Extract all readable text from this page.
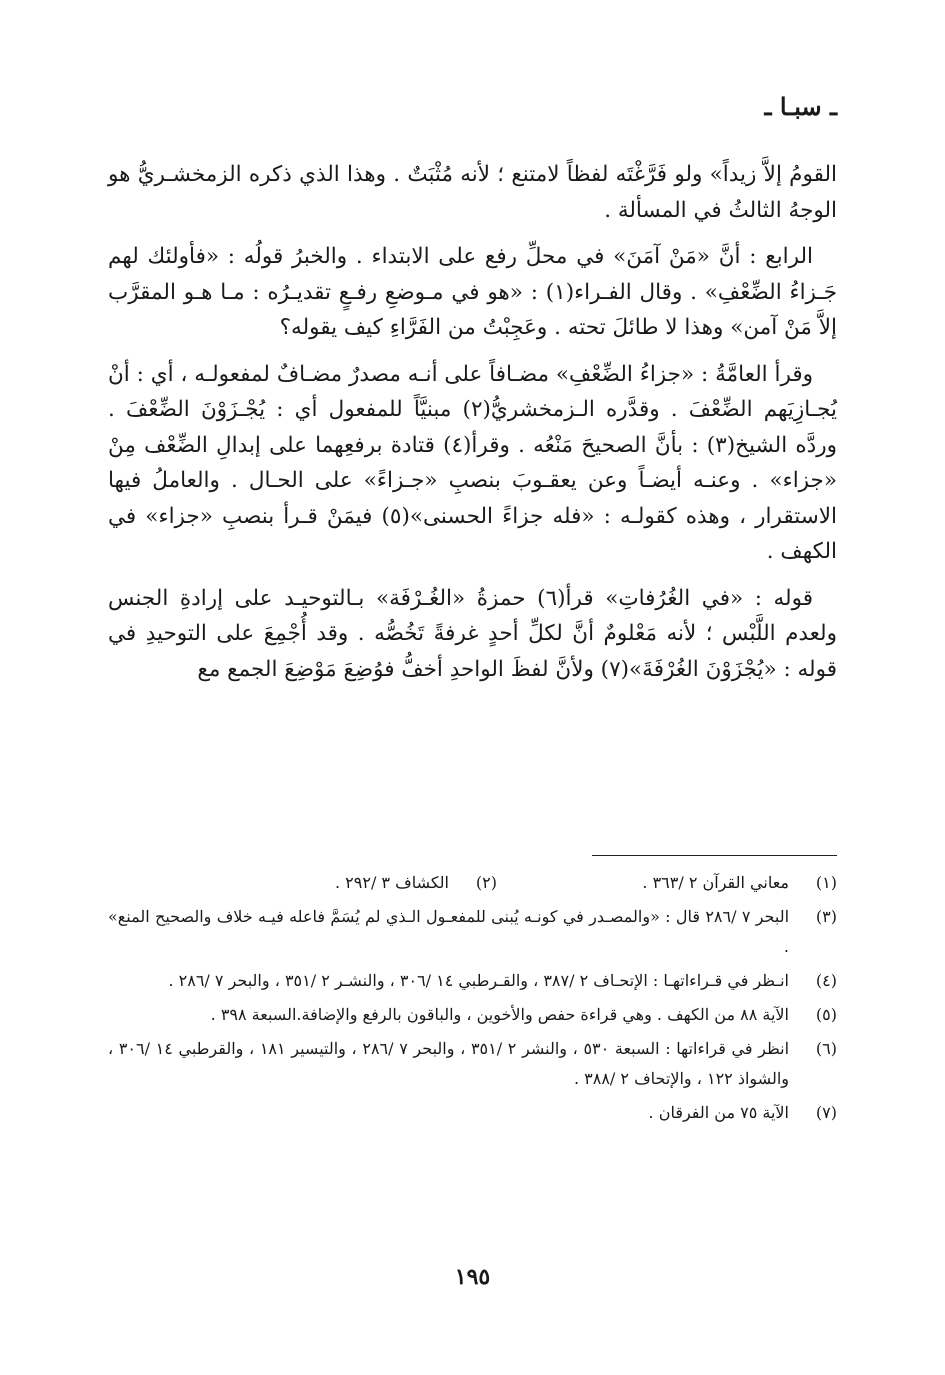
ـ سبـا ـ

القومُ إلاَّ زيداً» ولو فَرَّغْتَه لفظاً لامتنع ؛ لأنه مُثْبَتٌ . وهذا الذي ذكره الزمخشـريُّ هو الوجهُ الثالثُ في المسألة .

الرابع : أنَّ «مَنْ آمَنَ» في محلِّ رفع على الابتداء . والخبرُ قولُه : «فأولئك لهم جَـزاءُ الضِّعْفِ» . وقال الفـراء(١) : «هو في مـوضعِ رفـعٍ تقديـرُه : مـا هـو المقرَّب إلاَّ مَنْ آمن» وهذا لا طائلَ تحته . وعَجِبْتُ من الفَرَّاءِ كيف يقوله؟

وقرأ العامَّةُ : «جزاءُ الضِّعْفِ» مضـافاً على أنـه مصدرٌ مضـافٌ لمفعولـه ، أي : أنْ يُجـازِيَهم الضِّعْفَ . وقدَّره الـزمخشريُّ(٢) مبنيَّاً للمفعول أي : يُجْـزَوْنَ الضِّعْفَ . وردَّه الشيخ(٣) : بأنَّ الصحيحَ مَنْعُه . وقرأ(٤) قتادة برفعِهما على إبدالِ الضِّعْف مِنْ «جزاء» . وعنـه أيضـاً وعن يعقـوبَ بنصبِ «جـزاءً» على الحـال . والعاملُ فيها الاستقرار ، وهذه كقولـه : «فله جزاءً الحسنى»(٥) فيمَنْ قـرأ بنصبِ «جزاء» في الكهف .

قوله : «في الغُرُفاتِ» قرأ(٦) حمزةُ «الغُـرْفَة» بـالتوحيـد على إرادةِ الجنس ولعدم اللَّبْس ؛ لأنه مَعْلومٌ أنَّ لكلِّ أحدٍ غرفةً تَخُصُّه . وقد أُجْمِعَ على التوحيدِ في قوله : «يُجْزَوْنَ الغُرْفَةَ»(٧) ولأنَّ لفظَ الواحدِ أخفُّ فوُضِعَ مَوْضِعَ الجمع مع

(١)
معاني القرآن ٢ /٣٦٣ .
(٢)
الكشاف ٣ /٢٩٢ .
(٣)
البحر ٧ /٢٨٦ قال : «والمصـدر في كونـه يُبنى للمفعـول الـذي لم يُسَمَّ فاعله فيـه خلاف والصحيح المنع» .
(٤)
انـظر في قـراءاتهـا : الإتحـاف ٢ /٣٨٧ ، والقـرطبي ١٤ /٣٠٦ ، والنشـر ٢ /٣٥١ ، والبحر ٧ /٢٨٦ .
(٥)
الآية ٨٨ من الكهف . وهي قراءة حفص والأخوين ، والباقون بالرفع والإضافة.السبعة ٣٩٨ .
(٦)
انظر في قراءاتها : السبعة ٥٣٠ ، والنشر ٢ /٣٥١ ، والبحر ٧ /٢٨٦ ، والتيسير ١٨١ ، والقرطبي ١٤ /٣٠٦ ، والشواذ ١٢٢ ، والإتحاف ٢ /٣٨٨ .
(٧)
الآية ٧٥ من الفرقان .
١٩٥
